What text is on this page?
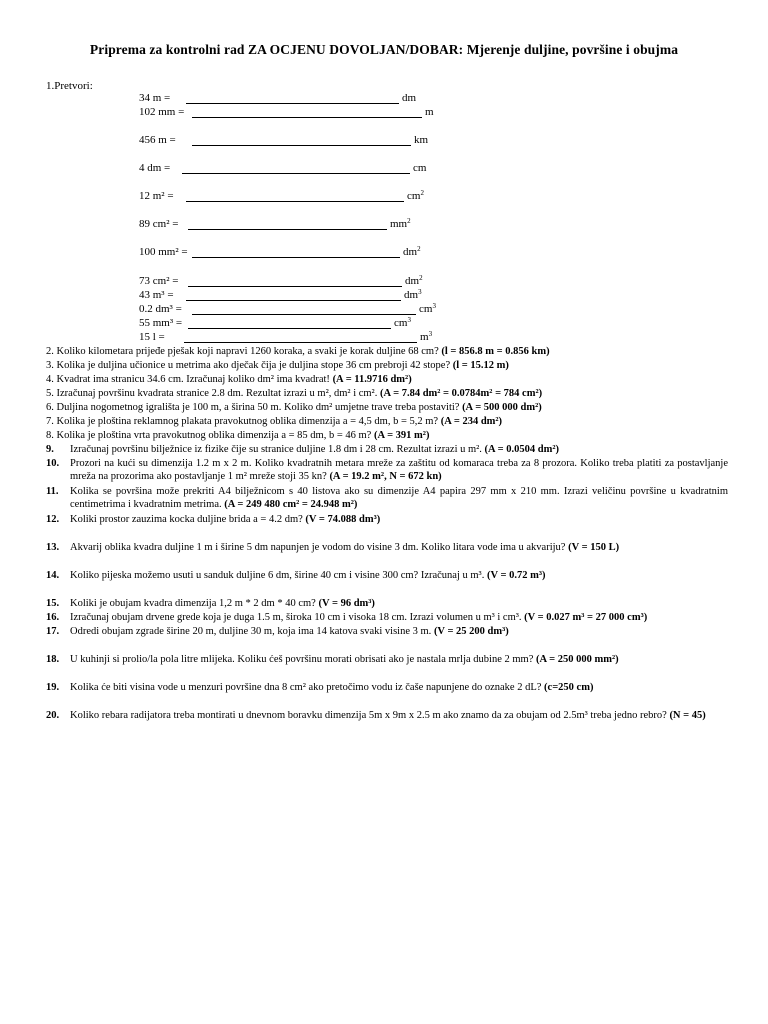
Priprema za kontrolni rad ZA OCJENU DOVOLJAN/DOBAR: Mjerenje duljine, površine i obujma
1.Pretvori:
34 m =	dm
102 mm =	m
456 m =	km
4 dm =	cm
12 m² =	$cm^2$
89 cm² =	$mm^2$
100 mm² =	$dm^2$
73 cm² =	$dm^2$
43 m³ =	$dm^3$
0.2 dm³ =	$cm^3$
55 mm³ =	$cm^3$
15 l =	$m^3$
2. Koliko kilometara prijeđe pješak koji napravi 1260 koraka, a svaki je korak duljine 68 cm? (l = 856.8 m = 0.856 km)
3. Kolika je duljina učionice u metrima ako dječak čija je duljina stope 36 cm prebroji 42 stope? (l = 15.12 m)
4. Kvadrat ima stranicu 34.6 cm. Izračunaj koliko dm² ima kvadrat! (A = 11.9716 dm²)
5. Izračunaj površinu kvadrata stranice 2.8 dm. Rezultat izrazi u m², dm² i cm². (A = 7.84 dm² = 0.0784m² = 784 cm²)
6. Duljina nogometnog igrališta je 100 m, a širina 50 m. Koliko dm² umjetne trave treba postaviti? (A = 500 000 dm²)
7. Kolika je ploština reklamnog plakata pravokutnog oblika dimenzija a = 4,5 dm, b = 5,2 m? (A = 234 dm²)
8. Kolika je ploština vrta pravokutnog oblika dimenzija a = 85 dm, b = 46 m? (A = 391 m²)
9. Izračunaj površinu bilježnice iz fizike čije su stranice duljine 1.8 dm i 28 cm. Rezultat izrazi u m². (A = 0.0504 dm²)
10. Prozori na kući su dimenzija 1.2 m x 2 m. Koliko kvadratnih metara mreže za zaštitu od komaraca treba za 8 prozora. Koliko treba platiti za postavljanje mreža na prozorima ako postavljanje 1 m² mreže stoji 35 kn? (A = 19.2 m², N = 672 kn)
11. Kolika se površina može prekriti A4 bilježnicom s 40 listova ako su dimenzije A4 papira 297 mm x 210 mm. Izrazi veličinu površine u kvadratnim centimetrima i kvadratnim metrima. (A = 249 480 cm² = 24.948 m²)
12. Koliki prostor zauzima kocka duljine brida a = 4.2 dm? (V = 74.088 dm³)
13. Akvarij oblika kvadra duljine 1 m i širine 5 dm napunjen je vodom do visine 3 dm. Koliko litara vode ima u akvariju? (V = 150 L)
14. Koliko pijeska možemo usuti u sanduk duljine 6 dm, širine 40 cm i visine 300 cm? Izračunaj u m³. (V = 0.72 m³)
15. Koliki je obujam kvadra dimenzija 1,2 m * 2 dm * 40 cm? (V = 96 dm³)
16. Izračunaj obujam drvene grede koja je duga 1.5 m, široka 10 cm i visoka 18 cm. Izrazi volumen u m³ i cm³. (V = 0.027 m³ = 27 000 cm³)
17. Odredi obujam zgrade širine 20 m, duljine 30 m, koja ima 14 katova svaki visine 3 m. (V = 25 200 dm³)
18. U kuhinji si prolio/la pola litre mlijeka. Koliku ćeš površinu morati obrisati ako je nastala mrlja dubine 2 mm? (A = 250 000 mm²)
19. Kolika će biti visina vode u menzuri površine dna 8 cm² ako pretočimo vodu iz čaše napunjene do oznake 2 dL? (c=250 cm)
20. Koliko rebara radijatora treba montirati u dnevnom boravku dimenzija 5m x 9m x 2.5 m ako znamo da za obujam od 2.5m³ treba jedno rebro? (N = 45)
